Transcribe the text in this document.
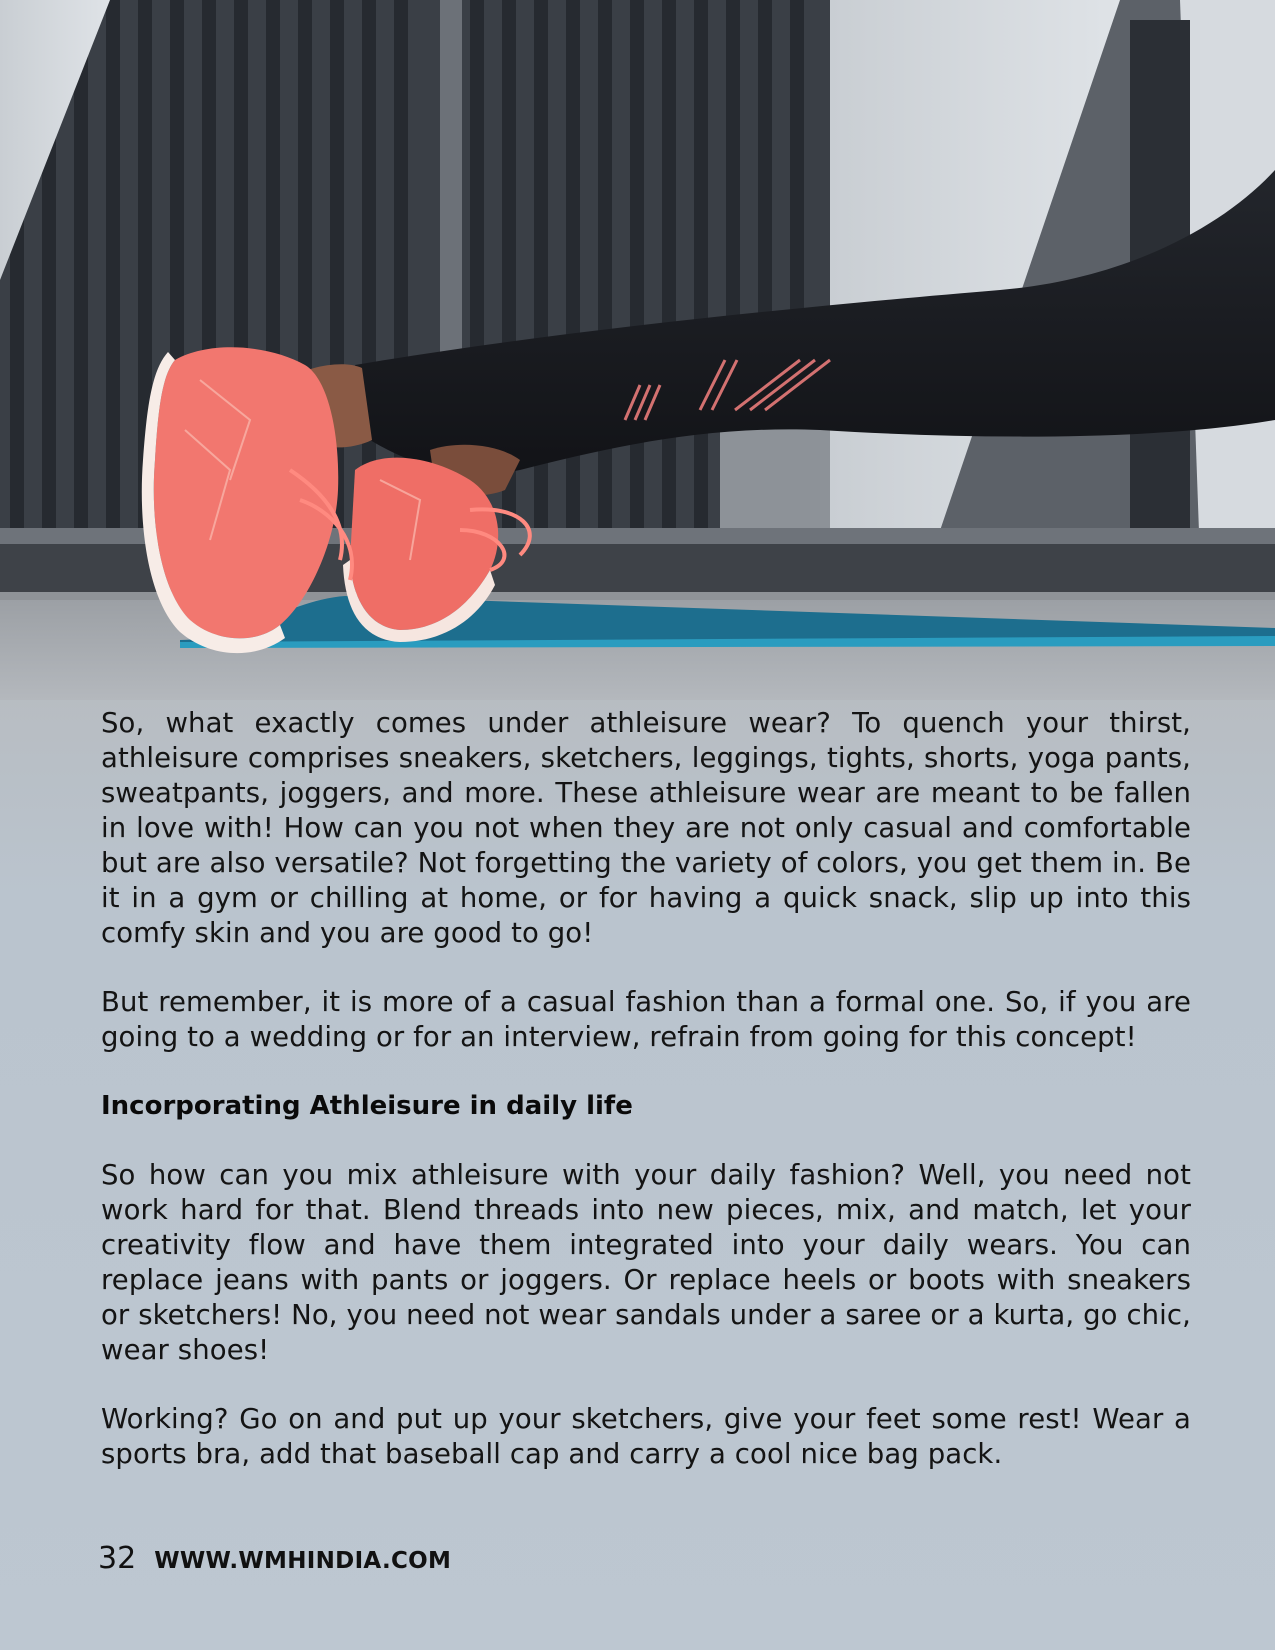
So, what exactly comes under athleisure wear? To quench your thirst, athleisure comprises sneakers, sketchers, leggings, tights, shorts, yoga pants, sweatpants, joggers, and more. These athleisure wear are meant to be fallen in love with! How can you not when they are not only casual and comfortable but are also versatile? Not forgetting the variety of colors, you get them in. Be it in a gym or chilling at home, or for having a quick snack, slip up into this comfy skin and you are good to go!

But remember, it is more of a casual fashion than a formal one. So, if you are going to a wedding or for an interview, refrain from going for this concept!

Incorporating Athleisure in daily life

So how can you mix athleisure with your daily fashion? Well, you need not work hard for that. Blend threads into new pieces, mix, and match, let your creativity flow and have them integrated into your daily wears. You can replace jeans with pants or joggers. Or replace heels or boots with sneakers or sketchers! No, you need not wear sandals under a saree or a kurta, go chic, wear shoes!

Working? Go on and put up your sketchers, give your feet some rest! Wear a sports bra, add that baseball cap and carry a cool nice bag pack.

32 WWW.WMHINDIA.COM
